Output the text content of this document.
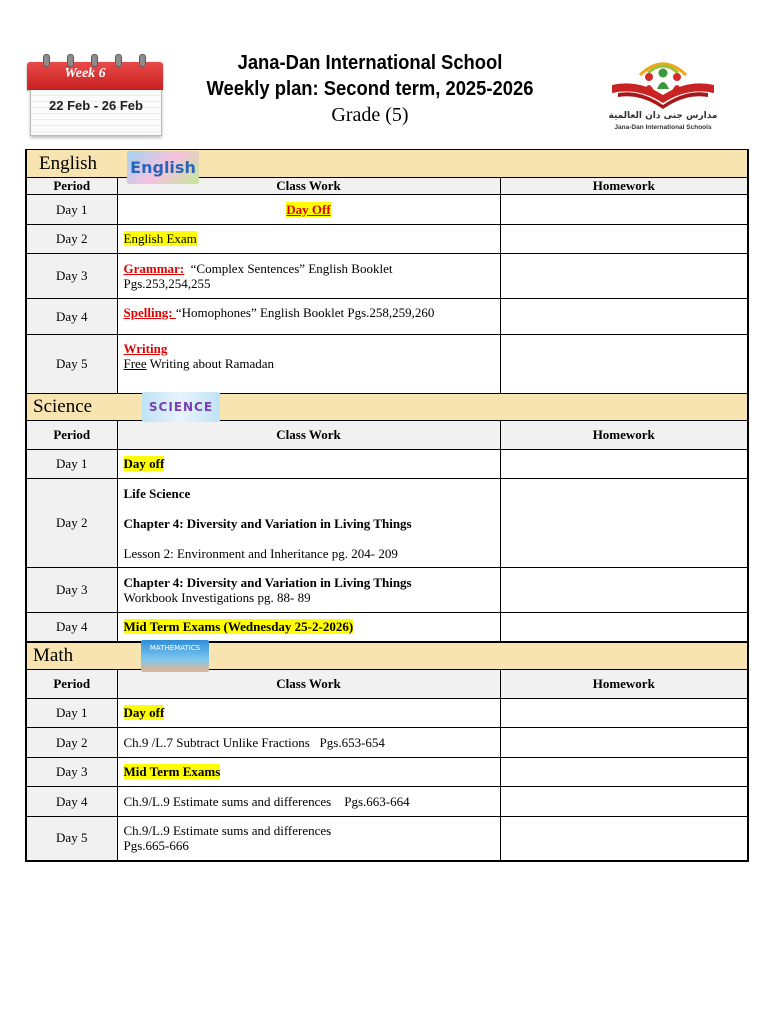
Week 6
22 Feb - 26 Feb
Jana-Dan International School
Weekly plan: Second term, 2025-2026
Grade (5)	مدارس جنى دان العالمية
Jana-Dan International Schools
English English		

Period	Class Work	Homework
Day 1	Day Off	
Day 2	English Exam	
Day 3	Grammar: “Complex Sentences” English Booklet
Pgs.253,254,255	
Day 4	Spelling: “Homophones” English Booklet Pgs.258,259,260	
Day 5	Writing
Free Writing about Ramadan	
Science SCIENCE		

Period	Class Work	Homework
Day 1	Day off	
Day 2	Life Science
Chapter 4: Diversity and Variation in Living Things
Lesson 2: Environment and Inheritance pg. 204- 209	

Day 3	Chapter 4: Diversity and Variation in Living Things
Workbook Investigations pg. 88- 89	

Day 4	Mid Term Exams (Wednesday 25-2-2026)	
Math MATHEMATICS		

Period	Class Work	Homework
Day 1	Day off	
Day 2	Ch.9 /L.7 Subtract Unlike Fractions   Pgs.653-654	
Day 3	Mid Term Exams	
Day 4	Ch.9/L.9 Estimate sums and differences    Pgs.663-664	
Day 5	Ch.9/L.9 Estimate sums and differences
Pgs.665-666	
